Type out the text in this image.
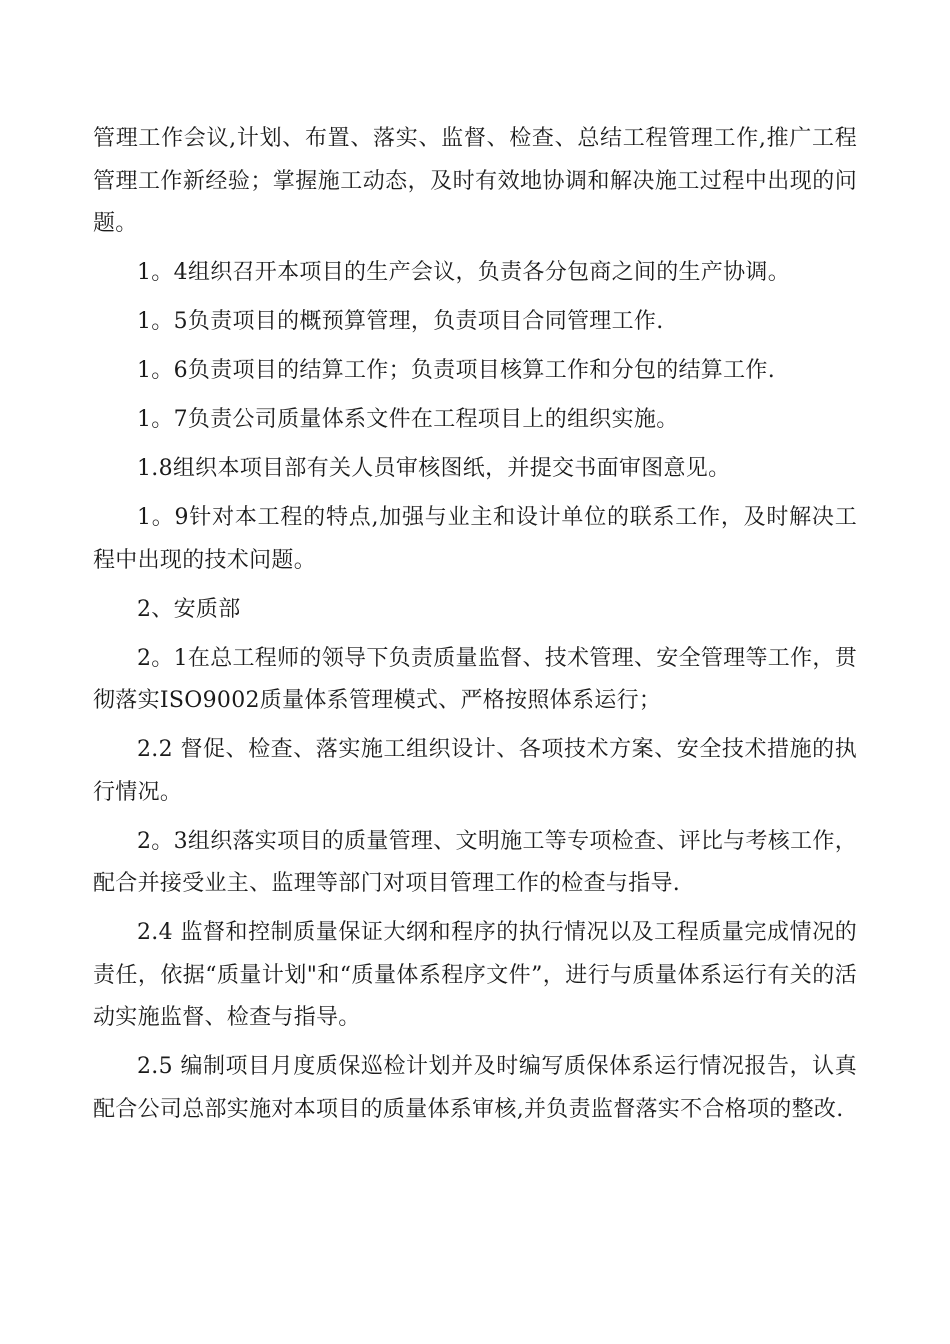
管理工作会议,计划、布置、落实、监督、检查、总结工程管理工作,推广工程管理工作新经验；掌握施工动态，及时有效地协调和解决施工过程中出现的问题。

1。4组织召开本项目的生产会议，负责各分包商之间的生产协调。

1。5负责项目的概预算管理，负责项目合同管理工作.

1。6负责项目的结算工作；负责项目核算工作和分包的结算工作.

1。7负责公司质量体系文件在工程项目上的组织实施。

1.8组织本项目部有关人员审核图纸，并提交书面审图意见。

1。9针对本工程的特点,加强与业主和设计单位的联系工作，及时解决工程中出现的技术问题。

2、安质部

2。1在总工程师的领导下负责质量监督、技术管理、安全管理等工作，贯彻落实ISO9002质量体系管理模式、严格按照体系运行；

2.2 督促、检查、落实施工组织设计、各项技术方案、安全技术措施的执行情况。

2。3组织落实项目的质量管理、文明施工等专项检查、评比与考核工作，配合并接受业主、监理等部门对项目管理工作的检查与指导.

2.4 监督和控制质量保证大纲和程序的执行情况以及工程质量完成情况的责任，依据“质量计划"和“质量体系程序文件”，进行与质量体系运行有关的活动实施监督、检查与指导。

2.5 编制项目月度质保巡检计划并及时编写质保体系运行情况报告，认真配合公司总部实施对本项目的质量体系审核,并负责监督落实不合格项的整改.
